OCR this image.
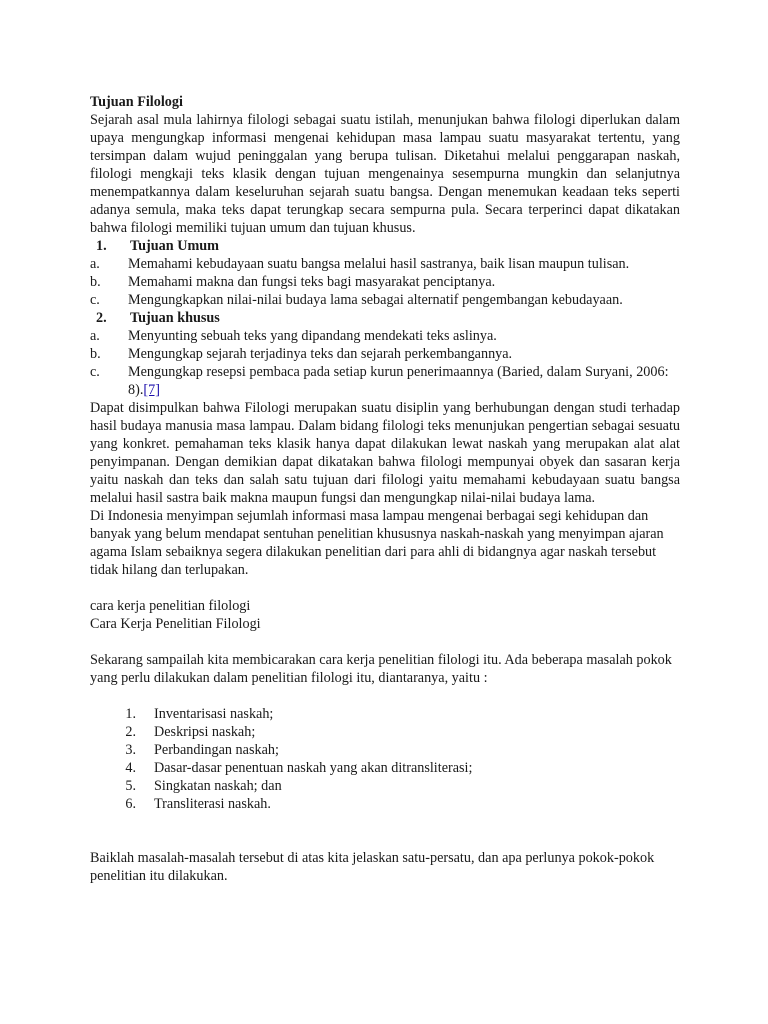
Tujuan Filologi

Sejarah asal mula lahirnya filologi sebagai suatu istilah, menunjukan bahwa filologi diperlukan dalam upaya mengungkap informasi mengenai kehidupan masa lampau suatu masyarakat tertentu, yang tersimpan dalam wujud peninggalan yang berupa tulisan. Diketahui melalui penggarapan naskah, filologi mengkaji teks klasik dengan tujuan mengenainya sesempurna mungkin dan selanjutnya menempatkannya dalam keseluruhan sejarah suatu bangsa. Dengan menemukan keadaan teks seperti adanya semula, maka teks dapat terungkap secara sempurna pula. Secara terperinci dapat dikatakan bahwa filologi memiliki tujuan umum dan tujuan khusus.

1. Tujuan Umum

a.	Memahami kebudayaan suatu bangsa melalui hasil sastranya, baik lisan maupun tulisan.
b.	Memahami makna dan fungsi teks bagi masyarakat penciptanya.
c.	Mengungkapkan nilai-nilai budaya lama sebagai alternatif pengembangan kebudayaan.

2. Tujuan khusus

a.	Menyunting sebuah teks yang dipandang mendekati teks aslinya.
b.	Mengungkap sejarah terjadinya teks dan sejarah perkembangannya.
c.	Mengungkap resepsi pembaca pada setiap kurun penerimaannya (Baried, dalam Suryani, 2006: 8).[7]

Dapat disimpulkan bahwa Filologi merupakan suatu disiplin yang berhubungan dengan studi terhadap hasil budaya manusia masa lampau. Dalam bidang filologi teks menunjukan pengertian sebagai sesuatu yang konkret. pemahaman teks klasik hanya dapat dilakukan lewat naskah yang merupakan alat alat penyimpanan. Dengan demikian dapat dikatakan bahwa filologi mempunyai obyek dan sasaran kerja yaitu naskah dan teks dan salah satu tujuan dari filologi yaitu memahami kebudayaan suatu bangsa melalui hasil sastra baik makna maupun fungsi dan mengungkap nilai-nilai budaya lama.

Di Indonesia menyimpan sejumlah informasi masa lampau mengenai berbagai segi kehidupan dan banyak yang belum mendapat sentuhan penelitian khususnya naskah-naskah yang menyimpan ajaran agama Islam sebaiknya segera dilakukan penelitian dari para ahli di bidangnya agar naskah tersebut tidak hilang dan terlupakan.

cara kerja penelitian filologi

Cara Kerja Penelitian Filologi

Sekarang sampailah kita membicarakan cara kerja penelitian filologi itu. Ada beberapa masalah pokok yang perlu dilakukan dalam penelitian filologi itu, diantaranya, yaitu :

1. Inventarisasi naskah;
2. Deskripsi naskah;
3. Perbandingan naskah;
4. Dasar-dasar penentuan naskah yang akan ditransliterasi;
5. Singkatan naskah; dan
6. Transliterasi naskah.

Baiklah masalah-masalah tersebut di atas kita jelaskan satu-persatu, dan apa perlunya pokok-pokok penelitian itu dilakukan.
